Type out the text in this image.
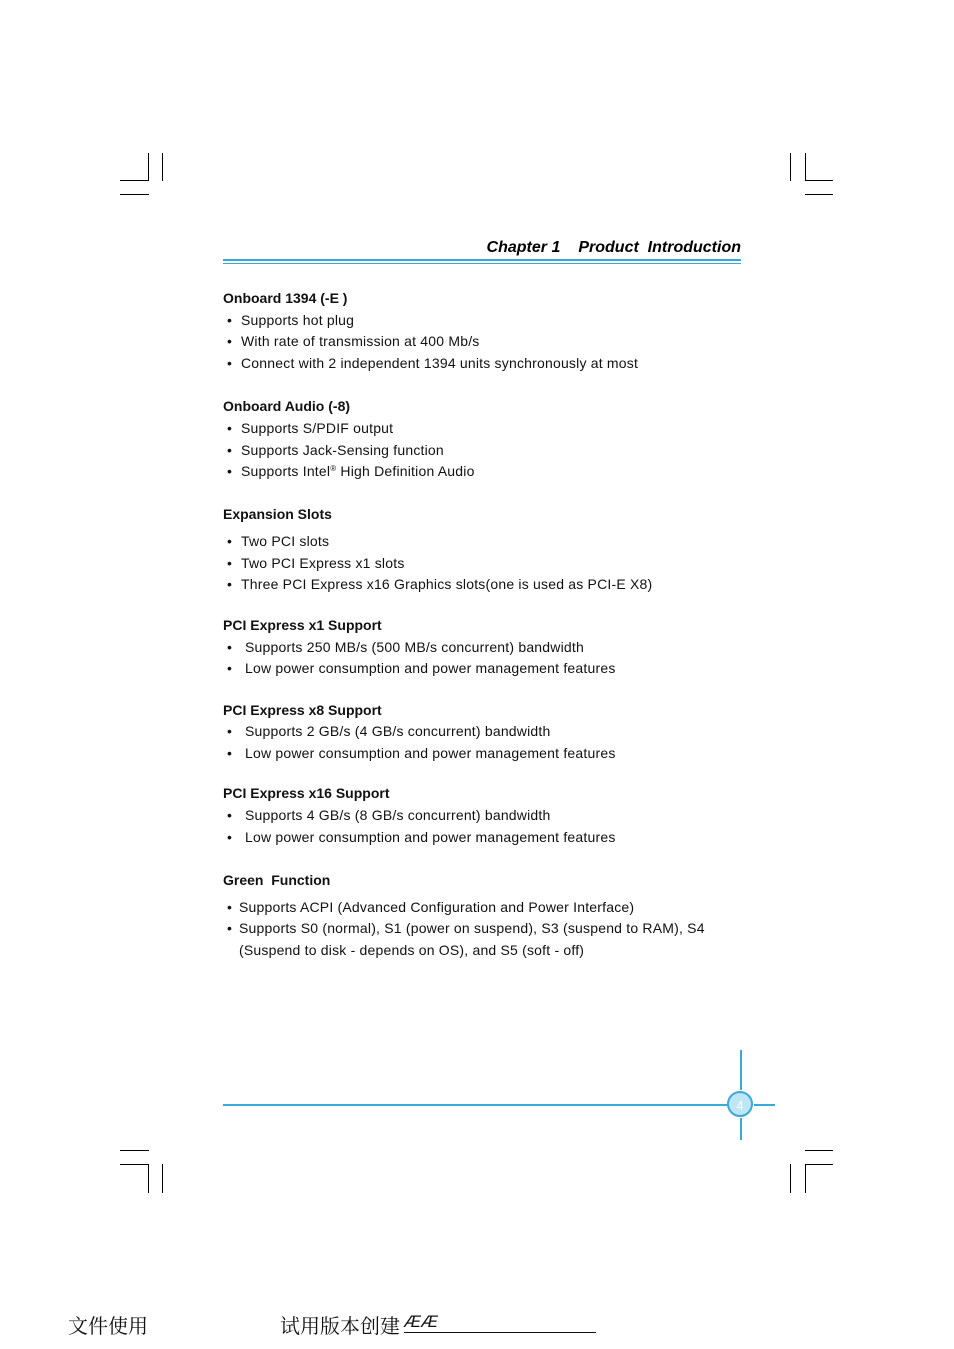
Chapter 1 Product  Introduction
Onboard 1394 (-E )
• Supports hot plug
• With rate of transmission at 400 Mb/s
• Connect with 2 independent 1394 units synchronously at most
Onboard Audio (-8)
• Supports S/PDIF output
• Supports Jack-Sensing function
• Supports Intel® High Definition Audio
Expansion Slots
• Two PCI slots
• Two PCI Express x1 slots
• Three PCI Express x16 Graphics slots(one is used as PCI-E X8)
PCI Express x1 Support
• Supports 250 MB/s (500 MB/s concurrent) bandwidth
• Low power consumption and power management features
PCI Express x8 Support
• Supports 2 GB/s (4 GB/s concurrent) bandwidth
• Low power consumption and power management features
PCI Express x16 Support
• Supports 4 GB/s (8 GB/s concurrent) bandwidth
• Low power consumption and power management features
Green  Function
• Supports ACPI (Advanced Configuration and Power Interface)
• Supports S0 (normal), S1 (power on suspend), S3 (suspend to RAM), S4
(Suspend to disk - depends on OS), and S5 (soft - off)
4
文件使用	试用版本创建 ÆÆ
